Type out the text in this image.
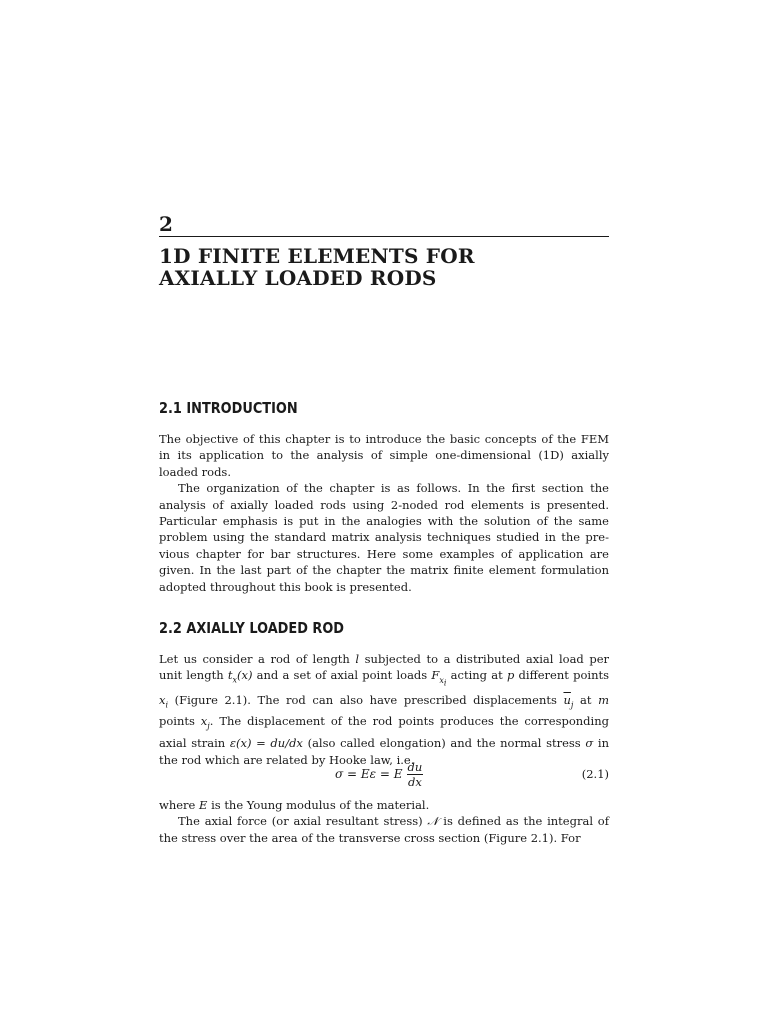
2
1D FINITE ELEMENTS FOR
AXIALLY LOADED RODS
2.1 INTRODUCTION

The objective of this chapter is to introduce the basic concepts of the FEM in its application to the analysis of simple one-dimensional (1D) axially loaded rods.

The organization of the chapter is as follows. In the first section the analysis of axially loaded rods using 2-noded rod elements is presented. Particular emphasis is put in the analogies with the solution of the same problem using the standard matrix analysis techniques studied in the previous chapter for bar structures. Here some examples of application are given. In the last part of the chapter the matrix finite element formulation adopted throughout this book is presented.

2.2 AXIALLY LOADED ROD

Let us consider a rod of length l subjected to a distributed axial load per unit length $t_x(x)$ and a set of axial point loads $F_{x_i}$ acting at p different points $x_i$ (Figure 2.1). The rod can also have prescribed displacements $\overline{u}_j$ at m points $x_j$. The displacement of the rod points produces the corresponding axial strain ε(x) = du/dx (also called elongation) and the normal stress σ in the rod which are related by Hooke law, i.e.

σ = Eε = E $\frac{du}{dx}$	(2.1)

where E is the Young modulus of the material.

The axial force (or axial resultant stress) 𝒩 is defined as the integral of the stress over the area of the transverse cross section (Figure 2.1). For
